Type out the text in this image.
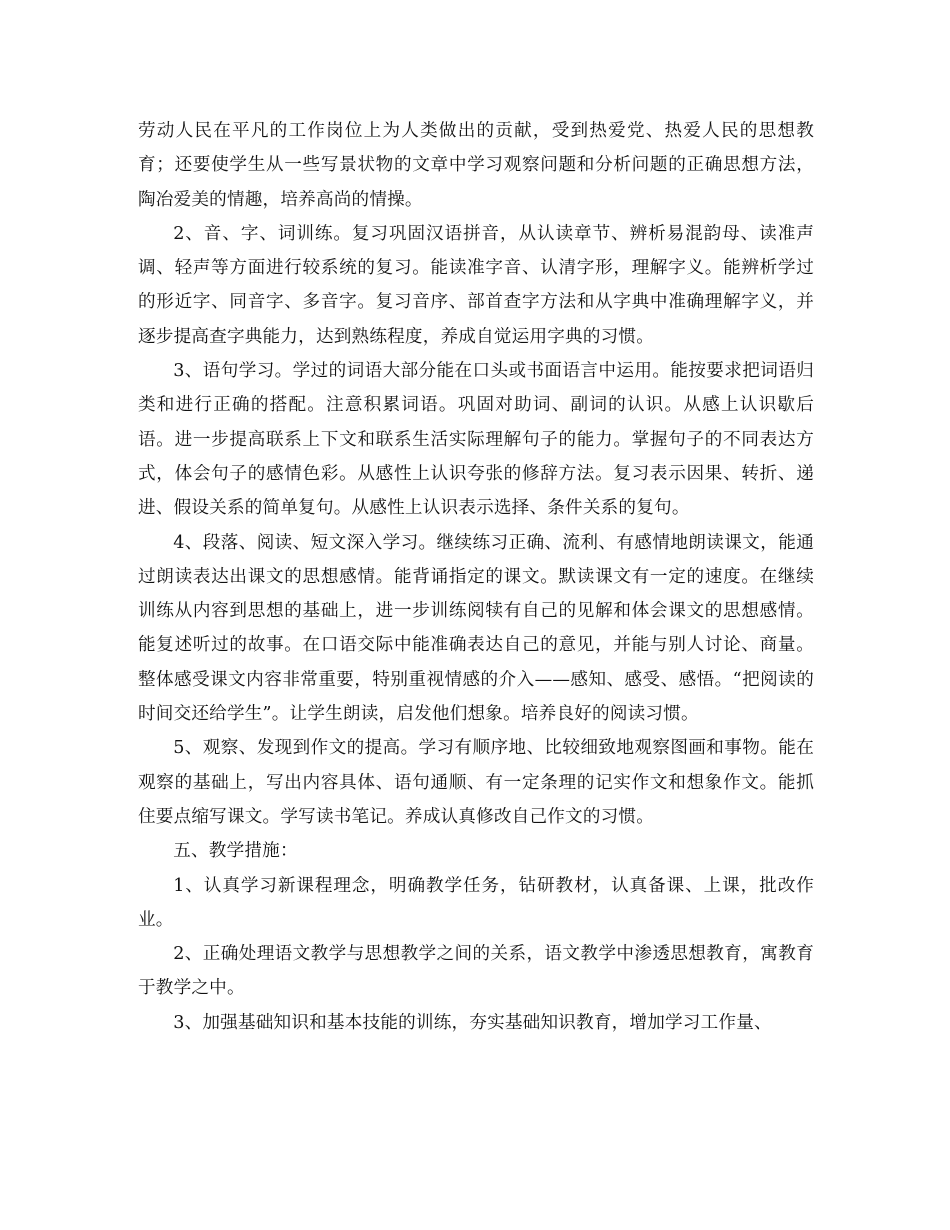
劳动人民在平凡的工作岗位上为人类做出的贡献，受到热爱党、热爱人民的思想教育；还要使学生从一些写景状物的文章中学习观察问题和分析问题的正确思想方法，陶冶爱美的情趣，培养高尚的情操。

2、音、字、词训练。复习巩固汉语拼音，从认读章节、辨析易混韵母、读准声调、轻声等方面进行较系统的复习。能读准字音、认清字形，理解字义。能辨析学过的形近字、同音字、多音字。复习音序、部首查字方法和从字典中准确理解字义，并逐步提高查字典能力，达到熟练程度，养成自觉运用字典的习惯。

3、语句学习。学过的词语大部分能在口头或书面语言中运用。能按要求把词语归类和进行正确的搭配。注意积累词语。巩固对助词、副词的认识。从感上认识歇后语。进一步提高联系上下文和联系生活实际理解句子的能力。掌握句子的不同表达方式，体会句子的感情色彩。从感性上认识夸张的修辞方法。复习表示因果、转折、递进、假设关系的简单复句。从感性上认识表示选择、条件关系的复句。

4、段落、阅读、短文深入学习。继续练习正确、流利、有感情地朗读课文，能通过朗读表达出课文的思想感情。能背诵指定的课文。默读课文有一定的速度。在继续训练从内容到思想的基础上，进一步训练阅犊有自己的见解和体会课文的思想感情。能复述听过的故事。在口语交际中能准确表达自己的意见，并能与别人讨论、商量。整体感受课文内容非常重要，特别重视情感的介入——感知、感受、感悟。“把阅读的时间交还给学生”。让学生朗读，启发他们想象。培养良好的阅读习惯。

5、观察、发现到作文的提高。学习有顺序地、比较细致地观察图画和事物。能在观察的基础上，写出内容具体、语句通顺、有一定条理的记实作文和想象作文。能抓住要点缩写课文。学写读书笔记。养成认真修改自己作文的习惯。

五、教学措施：

1、认真学习新课程理念，明确教学任务，钻研教材，认真备课、上课，批改作业。

2、正确处理语文教学与思想教学之间的关系，语文教学中渗透思想教育，寓教育于教学之中。

3、加强基础知识和基本技能的训练，夯实基础知识教育，增加学习工作量、
